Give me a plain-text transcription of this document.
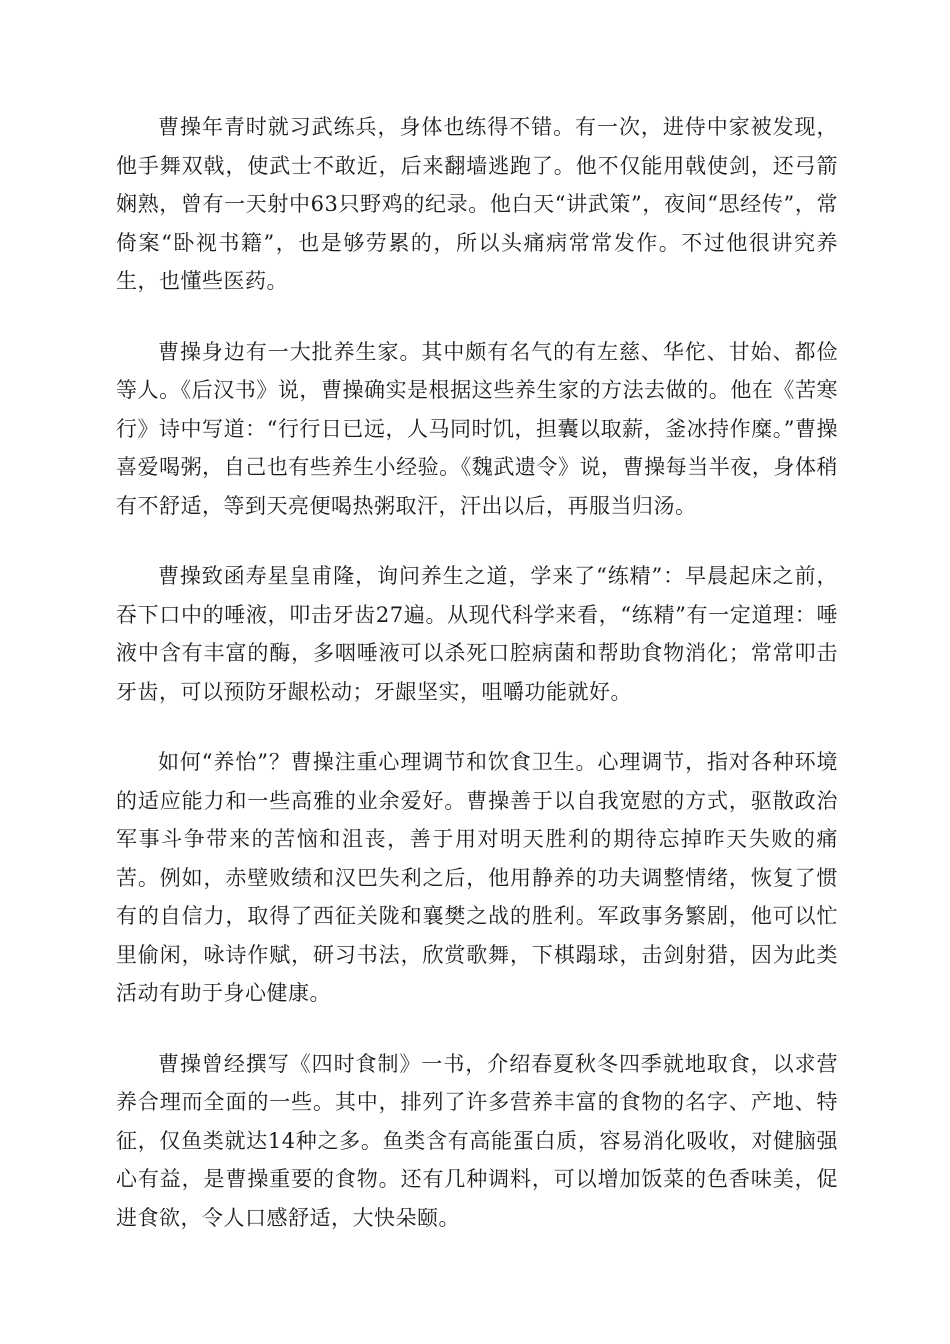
曹操年青时就习武练兵，身体也练得不错。有一次，进侍中家被发现，他手舞双戟，使武士不敢近，后来翻墙逃跑了。他不仅能用戟使剑，还弓箭娴熟，曾有一天射中63只野鸡的纪录。他白天“讲武策”，夜间“思经传”，常倚案“卧视书籍”，也是够劳累的，所以头痛病常常发作。不过他很讲究养生，也懂些医药。

曹操身边有一大批养生家。其中颇有名气的有左慈、华佗、甘始、都俭等人。《后汉书》说，曹操确实是根据这些养生家的方法去做的。他在《苦寒行》诗中写道：“行行日已远，人马同时饥，担囊以取薪，釜冰持作糜。”曹操喜爱喝粥，自己也有些养生小经验。《魏武遗令》说，曹操每当半夜，身体稍有不舒适，等到天亮便喝热粥取汗，汗出以后，再服当归汤。

曹操致函寿星皇甫隆，询问养生之道，学来了“练精”：早晨起床之前，吞下口中的唾液，叩击牙齿27遍。从现代科学来看，“练精”有一定道理：唾液中含有丰富的酶，多咽唾液可以杀死口腔病菌和帮助食物消化；常常叩击牙齿，可以预防牙龈松动；牙龈坚实，咀嚼功能就好。

如何“养怡”？曹操注重心理调节和饮食卫生。心理调节，指对各种环境的适应能力和一些高雅的业余爱好。曹操善于以自我宽慰的方式，驱散政治军事斗争带来的苦恼和沮丧，善于用对明天胜利的期待忘掉昨天失败的痛苦。例如，赤壁败绩和汉巴失利之后，他用静养的功夫调整情绪，恢复了惯有的自信力，取得了西征关陇和襄樊之战的胜利。军政事务繁剧，他可以忙里偷闲，咏诗作赋，研习书法，欣赏歌舞，下棋蹋球，击剑射猎，因为此类活动有助于身心健康。

曹操曾经撰写《四时食制》一书，介绍春夏秋冬四季就地取食，以求营养合理而全面的一些。其中，排列了许多营养丰富的食物的名字、产地、特征，仅鱼类就达14种之多。鱼类含有高能蛋白质，容易消化吸收，对健脑强心有益，是曹操重要的食物。还有几种调料，可以增加饭菜的色香味美，促进食欲，令人口感舒适，大快朵颐。
